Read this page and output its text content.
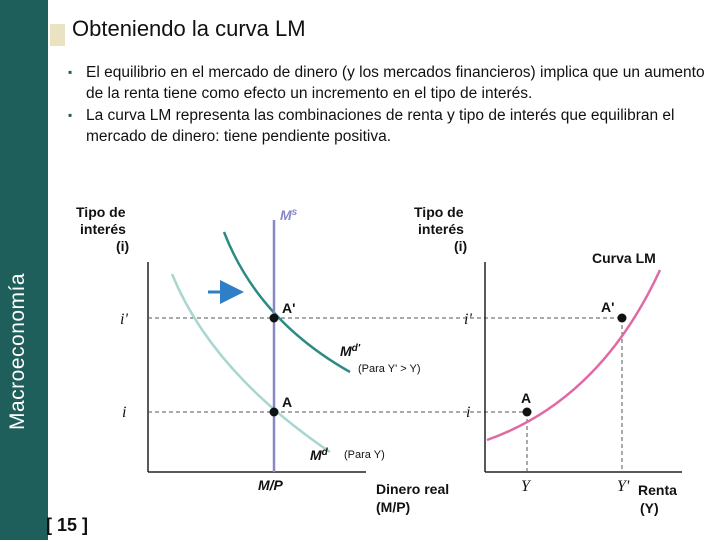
Macroeconomía
Obteniendo la curva LM
▪ El equilibrio en el mercado de dinero (y los mercados financieros) implica que un aumento de la renta tiene como efecto un incremento en el tipo de interés.
▪ La curva LM representa las combinaciones de renta y tipo de interés que equilibran el mercado de dinero: tiene pendiente positiva.
Tipo de
interés
(i)
i'
i
A'
A
$M^s$
$M^{d'}$
(Para Y' > Y)
$M^d$ (Para Y)
M/P	Dinero real
(M/P)
Tipo de
interés
(i)
i'
i
A'
A
Curva LM
Y	Y' Renta
(Y)
[ 15 ]
